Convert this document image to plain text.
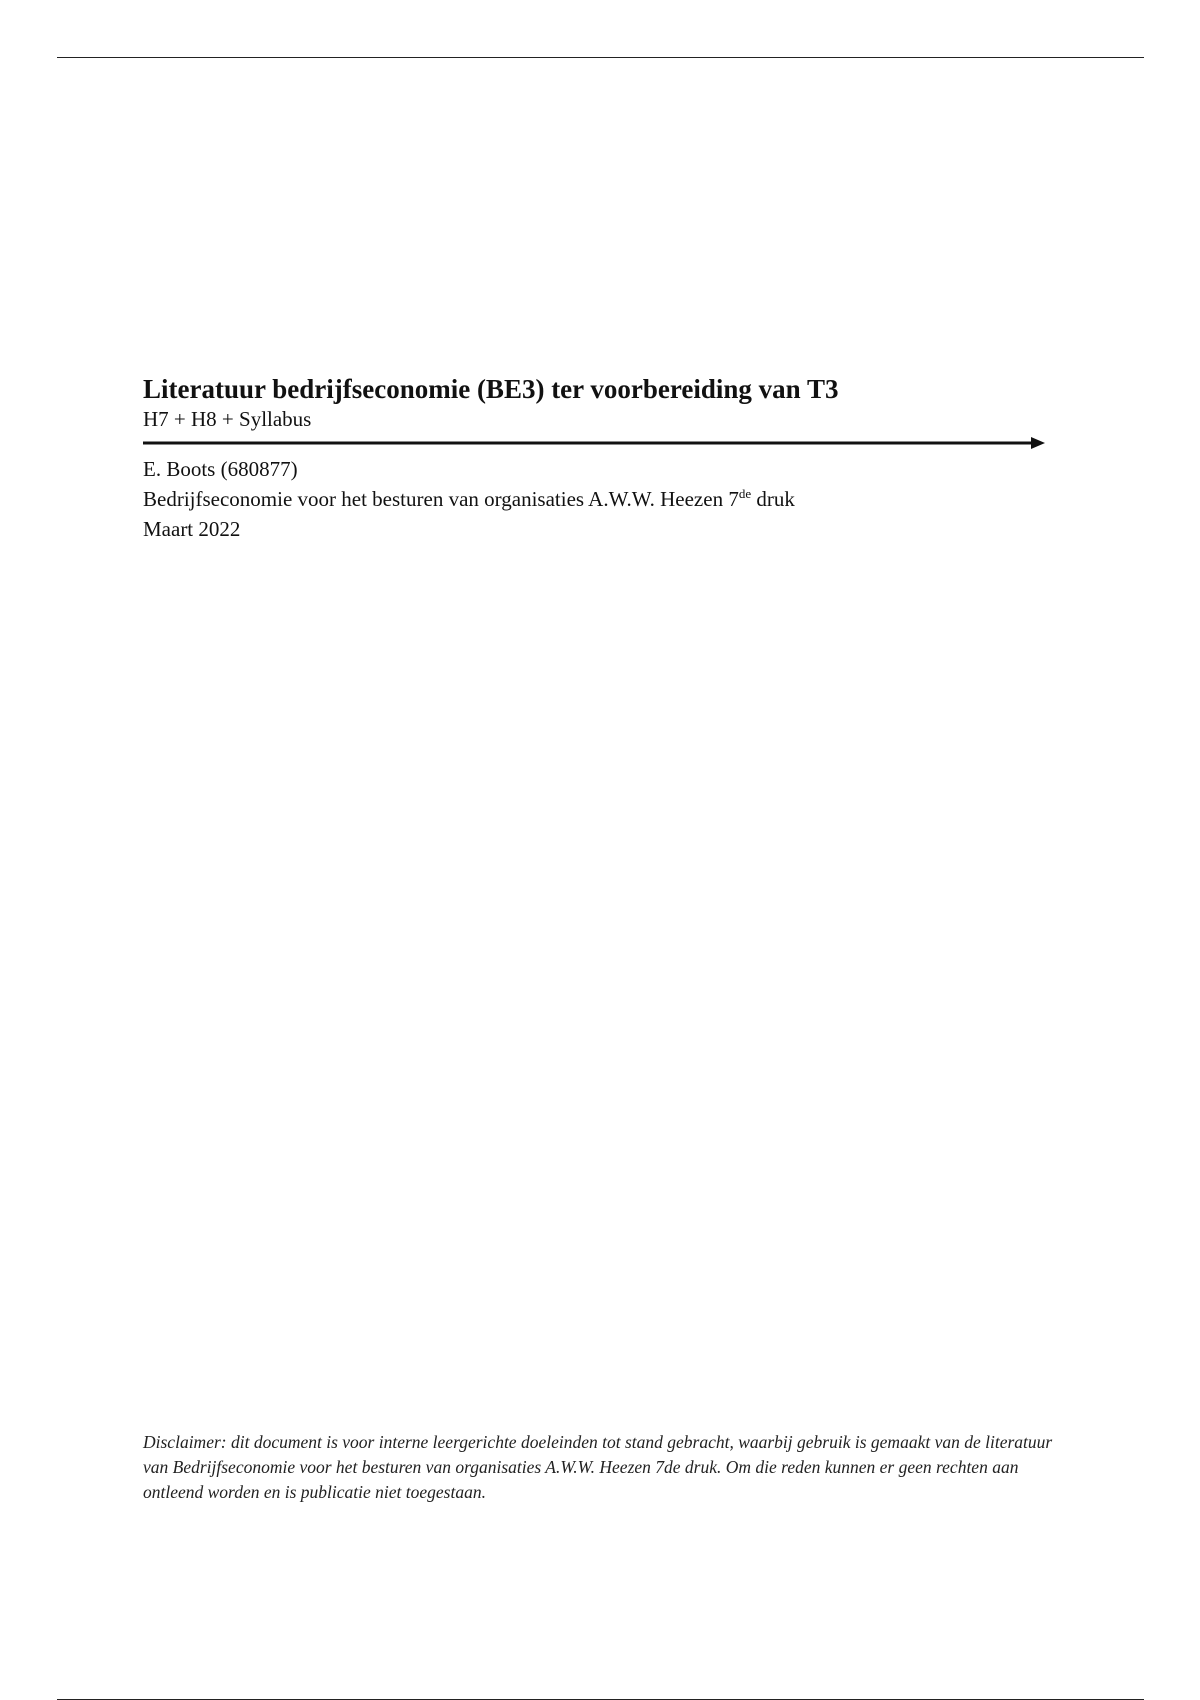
Literatuur bedrijfseconomie (BE3) ter voorbereiding van T3
H7 + H8 + Syllabus
E. Boots (680877)
Bedrijfseconomie voor het besturen van organisaties A.W.W. Heezen 7de druk
Maart 2022
Disclaimer: dit document is voor interne leergerichte doeleinden tot stand gebracht, waarbij gebruik is gemaakt van de literatuur van Bedrijfseconomie voor het besturen van organisaties A.W.W. Heezen 7de druk. Om die reden kunnen er geen rechten aan ontleend worden en is publicatie niet toegestaan.
